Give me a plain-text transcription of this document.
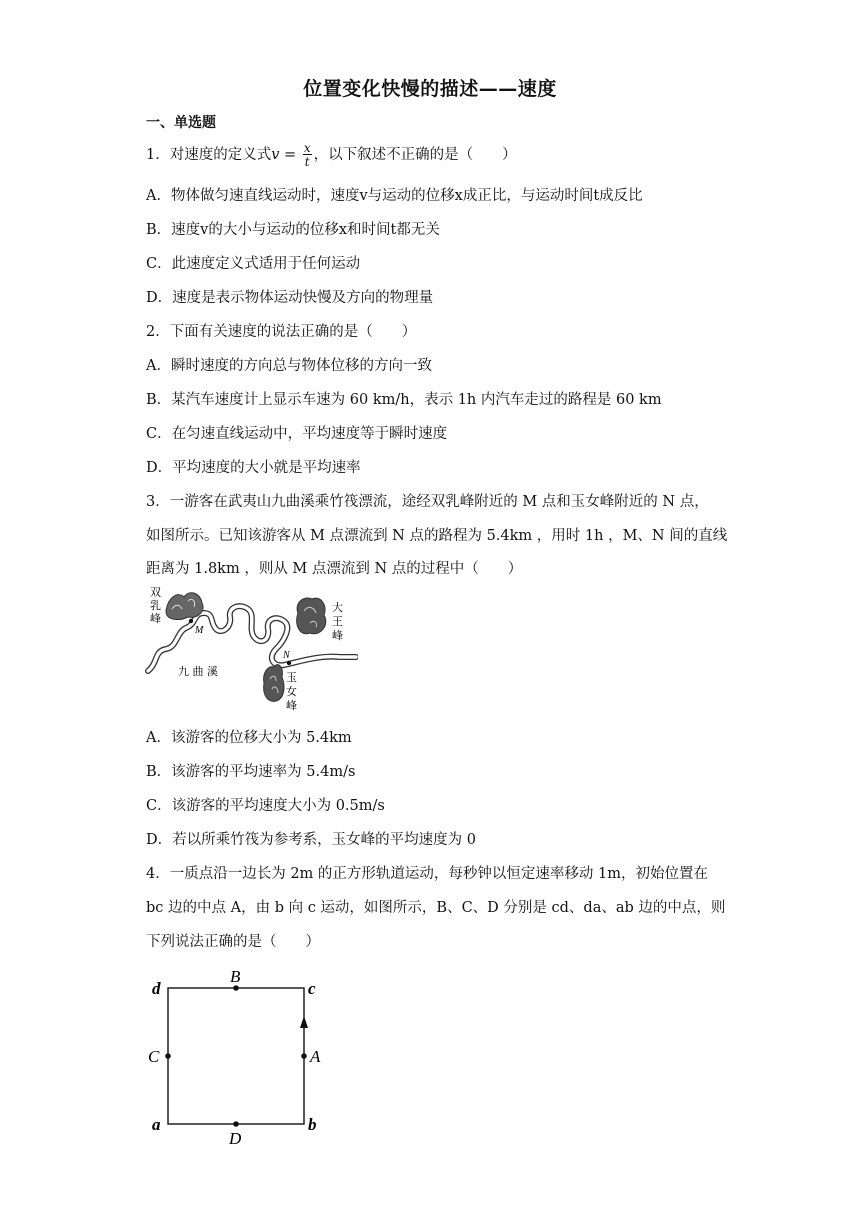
位置变化快慢的描述——速度
一、单选题
1．对速度的定义式$v = \frac{x}{t}$ ，以下叙述不正确的是（　　）
A．物体做匀速直线运动时，速度v与运动的位移x成正比，与运动时间t成反比
B．速度v的大小与运动的位移x和时间t都无关
C．此速度定义式适用于任何运动
D．速度是表示物体运动快慢及方向的物理量
2．下面有关速度的说法正确的是（　　）
A．瞬时速度的方向总与物体位移的方向一致
B．某汽车速度计上显示车速为 60 km/h，表示 1h 内汽车走过的路程是 60 km
C．在匀速直线运动中，平均速度等于瞬时速度
D．平均速度的大小就是平均速率
3．一游客在武夷山九曲溪乘竹筏漂流，途经双乳峰附近的 M 点和玉女峰附近的 N 点，
如图所示。已知该游客从 M 点漂流到 N 点的路程为 5.4km ，用时 1h ，M、N 间的直线
距离为 1.8km ，则从 M 点漂流到 N 点的过程中（　　）
M
N
双
乳
峰
大
王
峰
玉
女
峰
九 曲 溪
A．该游客的位移大小为 5.4km
B．该游客的平均速率为 5.4m/s
C．该游客的平均速度大小为 0.5m/s
D．若以所乘竹筏为参考系，玉女峰的平均速度为 0
4．一质点沿一边长为 2m 的正方形轨道运动，每秒钟以恒定速率移动 1m，初始位置在
bc 边的中点 A，由 b 向 c 运动，如图所示，B、C、D 分别是 cd、da、ab 边的中点，则
下列说法正确的是（　　）
d	c
a	b
B
C	A
D
